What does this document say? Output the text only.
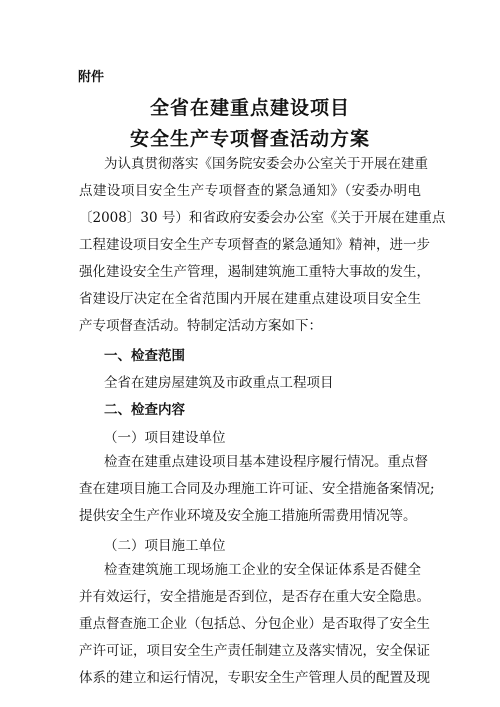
附件
全省在建重点建设项目
安全生产专项督查活动方案
为认真贯彻落实《国务院安委会办公室关于开展在建重
点建设项目安全生产专项督查的紧急通知》（安委办明电
〔2008〕30 号）和省政府安委会办公室《关于开展在建重点
工程建设项目安全生产专项督查的紧急通知》精神，进一步
强化建设安全生产管理，遏制建筑施工重特大事故的发生，
省建设厅决定在全省范围内开展在建重点建设项目安全生
产专项督查活动。特制定活动方案如下：
一、检查范围
全省在建房屋建筑及市政重点工程项目
二、检查内容
（一）项目建设单位
检查在建重点建设项目基本建设程序履行情况。重点督
查在建项目施工合同及办理施工许可证、安全措施备案情况;
提供安全生产作业环境及安全施工措施所需费用情况等。
（二）项目施工单位
检查建筑施工现场施工企业的安全保证体系是否健全
并有效运行，安全措施是否到位，是否存在重大安全隐患。
重点督查施工企业（包括总、分包企业）是否取得了安全生
产许可证，项目安全生产责任制建立及落实情况，安全保证
体系的建立和运行情况，专职安全生产管理人员的配置及现
